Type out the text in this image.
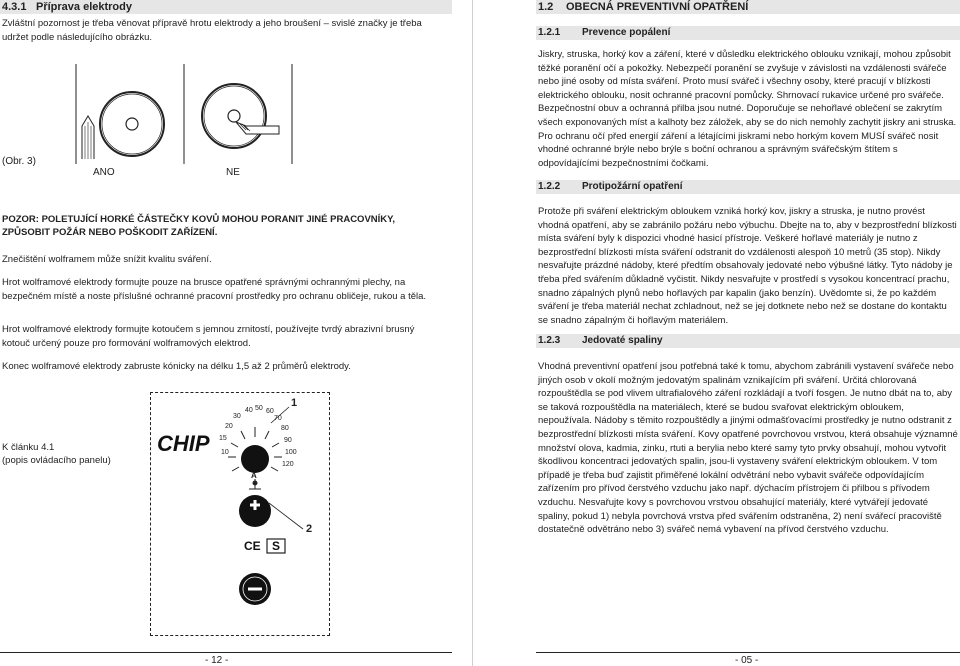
4.3.1 Příprava elektrody
Zvláštní pozornost je třeba věnovat přípravě hrotu elektrody a jeho broušení – svislé značky je třeba udržet podle následujícího obrázku.
(Obr. 3)
ANO	NE
POZOR: POLETUJÍCÍ HORKÉ ČÁSTEČKY KOVŮ MOHOU PORANIT JINÉ PRACOVNÍKY, ZPŮSOBIT POŽÁR NEBO POŠKODIT ZAŘÍZENÍ.
Znečištění wolframem může snížit kvalitu sváření.
Hrot wolframové elektrody formujte pouze na brusce opatřené správnými ochrannými plechy, na bezpečném místě a noste příslušné ochranné pracovní prostředky pro ochranu obličeje, rukou a těla.
Hrot wolframové elektrody formujte kotoučem s jemnou zrnitostí, používejte tvrdý abrazivní brusný kotouč určený pouze pro formování wolframových elektrod.
Konec wolframové elektrody zabruste kónicky na délku 1,5 až 2 průměrů elektrody.
K článku 4.1
(popis ovládacího panelu)
CHIP
1
2
CE S
40 50 60
30	70
80
20
90
15
100
120
10
A
- 12 -
1.2 OBECNÁ PREVENTIVNÍ OPATŘENÍ
1.2.1 Prevence popálení
Jiskry, struska, horký kov a záření, které v důsledku elektrického oblouku vznikají, mohou způsobit těžké poranění očí a pokožky. Nebezpečí poranění se zvyšuje v závislosti na vzdálenosti svářeče nebo jiné osoby od místa sváření. Proto musí svářeč i všechny osoby, které pracují v blízkosti elektrického oblouku, nosit ochranné pracovní pomůcky. Shrnovací rukavice určené pro svářeče. Bezpečnostní obuv a ochranná přilba jsou nutné. Doporučuje se nehořlavé oblečení se zakrytím všech exponovaných míst a kalhoty bez záložek, aby se do nich nemohly zachytit jiskry ani struska. Pro ochranu očí před energií záření a létajícími jiskrami nebo horkým kovem MUSÍ svářeč nosit vhodné ochranné brýle nebo brýle s boční ochranou a správným svářečským štítem s odpovídajícími bezpečnostními čočkami.
1.2.2 Protipožární opatření
Protože při sváření elektrickým obloukem vzniká horký kov, jiskry a struska, je nutno provést vhodná opatření, aby se zabránilo požáru nebo výbuchu. Dbejte na to, aby v bezprostřední blízkosti místa sváření byly k dispozici vhodné hasicí přístroje. Veškeré hořlavé materiály je nutno z bezprostřední blízkosti místa sváření odstranit do vzdálenosti alespoň 10 metrů (35 stop). Nikdy nesvařujte prázdné nádoby, které předtím obsahovaly jedovaté nebo výbušné látky. Tyto nádoby je třeba před svářením důkladně vyčistit. Nikdy nesvařujte v prostředí s vysokou koncentrací prachu, snadno zápalných plynů nebo hořlavých par kapalin (jako benzín). Uvědomte si, že po každém sváření je třeba materiál nechat zchladnout, než se jej dotknete nebo než se dostane do kontaktu se snadno zápalným či hořlavým materiálem.
1.2.3 Jedovaté spaliny
Vhodná preventivní opatření jsou potřebná také k tomu, abychom zabránili vystavení svářeče nebo jiných osob v okolí možným jedovatým spalinám vznikajícím při sváření. Určitá chlorovaná rozpouštědla se pod vlivem ultrafialového záření rozkládají a tvoří fosgen. Je nutno dbát na to, aby se taková rozpouštědla na materiálech, které se budou svařovat elektrickým obloukem, nepoužívala. Nádoby s těmito rozpouštědly a jinými odmašťovacími prostředky je nutno odstranit z bezprostřední blízkosti místa sváření. Kovy opatřené povrchovou vrstvou, která obsahuje významné množství olova, kadmia, zinku, rtuti a berylia nebo které samy tyto prvky obsahují, mohou vytvořit škodlivou koncentraci jedovatých spalin, jsou-li vystaveny sváření elektrickým obloukem. V tom případě je třeba buď zajistit přiměřené lokální odvětrání nebo vybavit svářeče odpovídajícím zařízením pro přívod čerstvého vzduchu jako např. dýchacím přístrojem či přilbou s přívodem vzduchu. Nesvařujte kovy s povrchovou vrstvou obsahující materiály, které vytvářejí jedovaté spaliny, pokud 1) nebyla povrchová vrstva před svářením odstraněna, 2) není svářecí pracoviště dostatečně odvětráno nebo 3) svářeč nemá vybavení na přívod čerstvého vzduchu.
- 05 -
